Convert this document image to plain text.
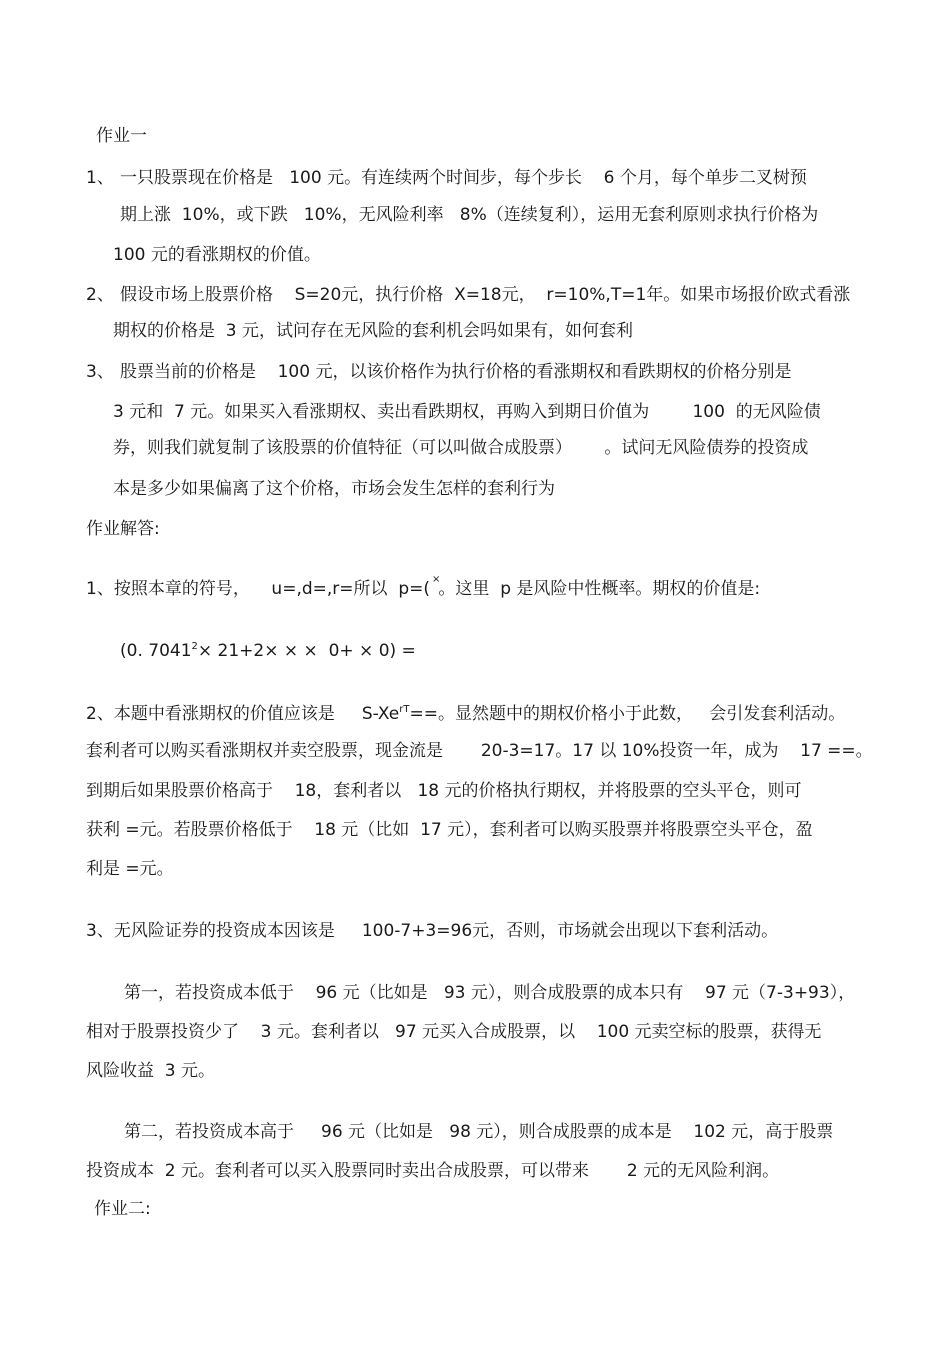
作业一
1、 一只股票现在价格是   100 元。有连续两个时间步，每个步长    6 个月，每个单步二叉树预
期上涨  10%，或下跌   10%，无风险利率   8%（连续复利），运用无套利原则求执行价格为
100 元的看涨期权的价值。
2、 假设市场上股票价格    S=20元，执行价格  X=18元，  r=10%,T=1年。如果市场报价欧式看涨
期权的价格是  3 元，试问存在无风险的套利机会吗如果有，如何套利
3、 股票当前的价格是    100 元，以该价格作为执行价格的看涨期权和看跌期权的价格分别是
3 元和  7 元。如果买入看涨期权、卖出看跌期权，再购入到期日价值为        100  的无风险债
券，则我们就复制了该股票的价值特征（可以叫做合成股票）      。试问无风险债券的投资成
本是多少如果偏离了这个价格，市场会发生怎样的套利行为
作业解答:
1、按照本章的符号，    u=,d=,r=所以  p=( ×。这里  p 是风险中性概率。期权的价值是:
(0. $7041^2\times 21+2\times$ × ×  0+ × 0) =
2、本题中看涨期权的价值应该是     $S-Xe^{rT}==$。显然题中的期权价格小于此数，   会引发套利活动。
套利者可以购买看涨期权并卖空股票，现金流是       20-3=17。17 以 10%投资一年，成为    17 ==。
到期后如果股票价格高于    18，套利者以   18 元的价格执行期权，并将股票的空头平仓，则可
获利 =元。若股票价格低于    18 元（比如  17 元），套利者可以购买股票并将股票空头平仓，盈
利是 =元。
3、无风险证券的投资成本因该是     100-7+3=96元，否则，市场就会出现以下套利活动。
第一，若投资成本低于    96 元（比如是   93 元），则合成股票的成本只有    97 元（7-3+93），
相对于股票投资少了    3 元。套利者以   97 元买入合成股票，以    100 元卖空标的股票，获得无
风险收益  3 元。
第二，若投资成本高于     96 元（比如是   98 元），则合成股票的成本是    102 元，高于股票
投资成本  2 元。套利者可以买入股票同时卖出合成股票，可以带来       2 元的无风险利润。
作业二:
